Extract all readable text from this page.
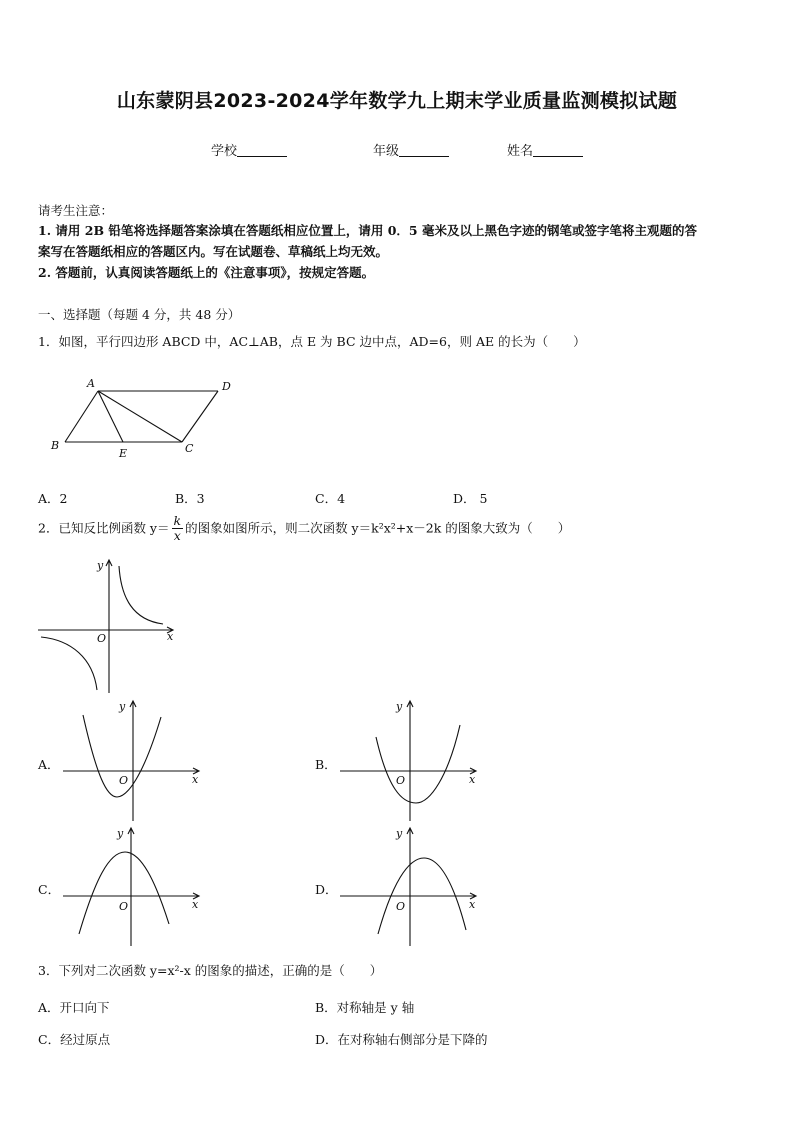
山东蒙阴县2023-2024学年数学九上期末学业质量监测模拟试题
学校	年级	姓名
请考生注意：
1. 请用 2B 铅笔将选择题答案涂填在答题纸相应位置上，请用 0．5 毫米及以上黑色字迹的钢笔或签字笔将主观题的答
案写在答题纸相应的答题区内。写在试题卷、草稿纸上均无效。
2. 答题前，认真阅读答题纸上的《注意事项》，按规定答题。
一、选择题（每题 4 分，共 48 分）
1．如图，平行四边形 ABCD 中，AC⊥AB，点 E 为 BC 边中点，AD=6，则 AE 的长为（　　）
A	D
B	C
E
A．2	B．3	C．4	D． 5
2．已知反比例函数 $y= \frac{k}{x}$ 的图象如图所示，则二次函数 y＝k²x²+x－2k 的图象大致为（　　）
y
x
O
A．
y
x
O
B．
y
x
O
C．
y
x
O
D．
y
x
O
3．下列对二次函数 y=x²-x 的图象的描述，正确的是（　　）
A．开口向下	B．对称轴是 y 轴
C．经过原点	D．在对称轴右侧部分是下降的
